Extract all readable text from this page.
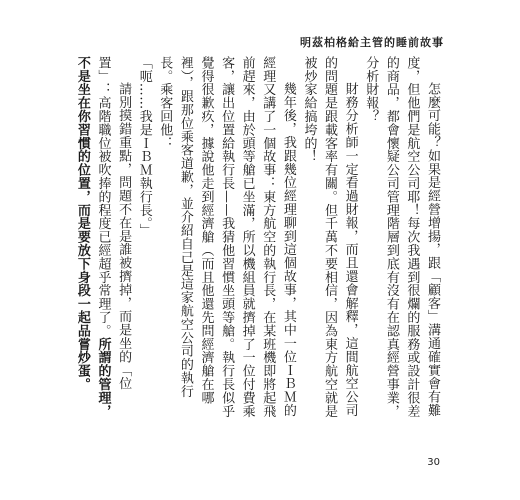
明茲柏格給主管的睡前故事

怎麼可能？如果是經營增揚，跟「顧客」溝通確實會有難度，但他們是航空公司耶！每次我遇到很爛的服務或設計很差的商品，都會懷疑公司管理階層到底有沒有在認真經營事業，分析財報？

財務分析師一定看過財報，而且還會解釋，這間航空公司的問題是跟載客率有關。但千萬不要相信，因為東方航空就是被炒家給搞垮的！

幾年後，我跟幾位經理聊到這個故事，其中一位ＩＢＭ的經理又講了一個故事：東方航空的執行長，在某班機即將起飛前趕來，由於頭等艙已坐滿，所以機組員就擠掉了一位付費乘客，讓出位置給執行長——我猜他習慣坐頭等艙。執行長似乎覺得很歉疚，據說他走到經濟艙（而且他還先問經濟艙在哪裡），跟那位乘客道歉，並介紹自己是這家航空公司的執行長。乘客回他：

「呃……我是ＩＢＭ執行長。」

請別摸錯重點，問題不在是誰被擠掉，而是坐的「位置」：高階職位被吹捧的程度已經超乎常理了。所謂的管理，不是坐在你習慣的位置，而是要放下身段一起品嘗炒蛋。

30
